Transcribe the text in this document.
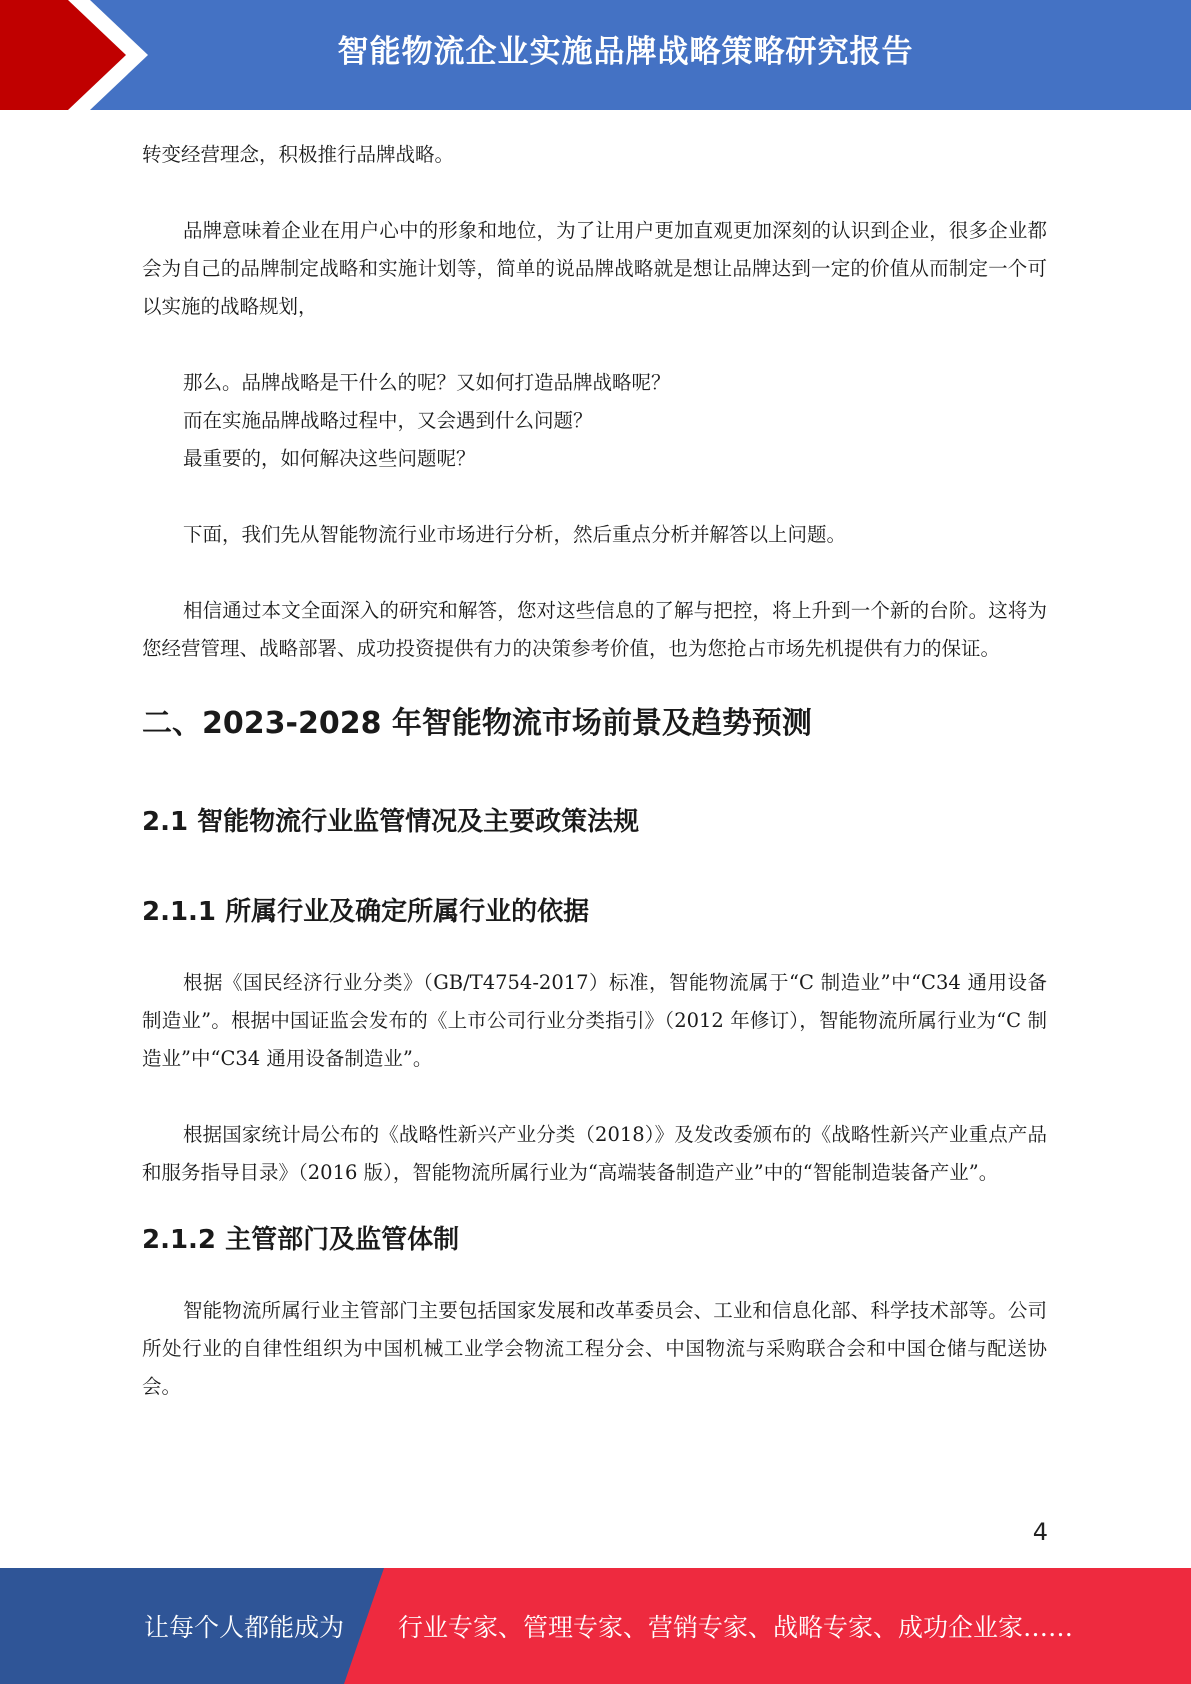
智能物流企业实施品牌战略策略研究报告

转变经营理念，积极推行品牌战略。

品牌意味着企业在用户心中的形象和地位，为了让用户更加直观更加深刻的认识到企业，很多企业都会为自己的品牌制定战略和实施计划等，简单的说品牌战略就是想让品牌达到一定的价值从而制定一个可以实施的战略规划，

那么。品牌战略是干什么的呢？又如何打造品牌战略呢？

而在实施品牌战略过程中，又会遇到什么问题？

最重要的，如何解决这些问题呢？

下面，我们先从智能物流行业市场进行分析，然后重点分析并解答以上问题。

相信通过本文全面深入的研究和解答，您对这些信息的了解与把控，将上升到一个新的台阶。这将为您经营管理、战略部署、成功投资提供有力的决策参考价值，也为您抢占市场先机提供有力的保证。

二、2023-2028 年智能物流市场前景及趋势预测
2.1 智能物流行业监管情况及主要政策法规
2.1.1 所属行业及确定所属行业的依据

根据《国民经济行业分类》（GB/T4754-2017）标准，智能物流属于“C 制造业”中“C34 通用设备制造业”。根据中国证监会发布的《上市公司行业分类指引》（2012 年修订），智能物流所属行业为“C 制造业”中“C34 通用设备制造业”。

根据国家统计局公布的《战略性新兴产业分类（2018）》及发改委颁布的《战略性新兴产业重点产品和服务指导目录》（2016 版），智能物流所属行业为“高端装备制造产业”中的“智能制造装备产业”。

2.1.2 主管部门及监管体制

智能物流所属行业主管部门主要包括国家发展和改革委员会、工业和信息化部、科学技术部等。公司所处行业的自律性组织为中国机械工业学会物流工程分会、中国物流与采购联合会和中国仓储与配送协会。

4
让每个人都能成为 行业专家、管理专家、营销专家、战略专家、成功企业家……
